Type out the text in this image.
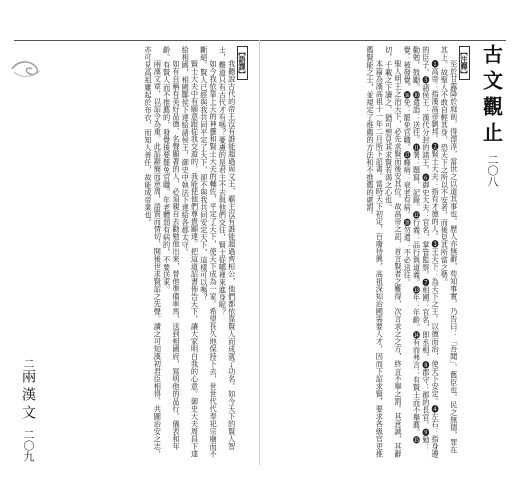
古文觀止
二〇八
二
兩漢文
二〇九
【注釋】

至於甘露降於庭前，得澤淳，當世之以道其事也。歷人亦無辭，苟知事實，乃告曰：「吾聞」、舊臣也。民之無德，罪在其上。故聖人不敢自輕其身，恐天下之所以不安者，而後見其所當之勢。

❶高帝：指漢高帝劉邦。❷賢士大夫：指有才德的人。❸王天下：為天下之王。以德而治，使天下安定。❹左右：指身邊的臣子。❺諸侯王：漢代分封的諸王。❻御史大夫：官名，掌管監察。❼相國：官名，即丞相。❽郡守：郡的長官。❾勉：勸勉，鼓勵。❿遣詣：送往。⓫署：題寫，記錄。⓬行義：品行與道義。⓭年：年齡。⓮有而弗言：有賢士而不舉薦。⓯覺：被發覺。⓰免：罷免官職。⓱癃病：衰老有病。⓲勿遣：不必送往。

聖人明王之治天下，必先求賢而後安其位。故高帝之詔，首言賢者之難得，次言求之之方，終言不舉之罰。其意誠，其辭切，千載之下讀之，猶可想見其求賢若渴之心也。

本篇為漢高祖十一年二月所下詔書。當時天下初定，百廢待興，高祖深知治國需要人才，因而下詔求賢，要求各級官吏推薦賢能之士，並規定了推薦的方法和不推薦的處罰。

【語譯】

我聽說古代的帝王沒有誰能超過周文王，霸主沒有誰能超過齊桓公，他們都依靠賢人而成就了功名。如今天下的賢人智士，難道只有古代才有嗎？憂慮的是君主不去與他們交往，賢士從哪裡來進身呢？

如今我依靠上天的神靈和賢士大夫的輔佐，平定了天下，使天下成為一家。希望長久地保持下去，世世代代奉祀宗廟而不斷絕。賢人已經與我共同平定了天下，卻不與我共同安定天下，這樣可以嗎？

賢士大夫中有願意跟從我交遊的，我能使他們尊貴顯達。把這道詔書佈告天下，讓大家明白我的心意。御史大夫周昌下達給相國，相國酇侯下達給諸侯王，御史中執法下達給各郡太守。

如有自稱有美好品德、名聲顯著的人，必須親自去勸勉他出來，替他準備車馬，送到相國府，寫明他的品行、儀表和年齡。有賢人而不推薦的，發覺後要罷免官職。年老體弱有病的，不要送來。

兩漢文章，以詔令為重。此詔辭簡而意周，語質而情切，開後世求賢詔之先聲。讀之可知漢初君臣相得、共圖治安之志，亦可見高祖雖起於布衣，而知人善任，故能成帝業也。
